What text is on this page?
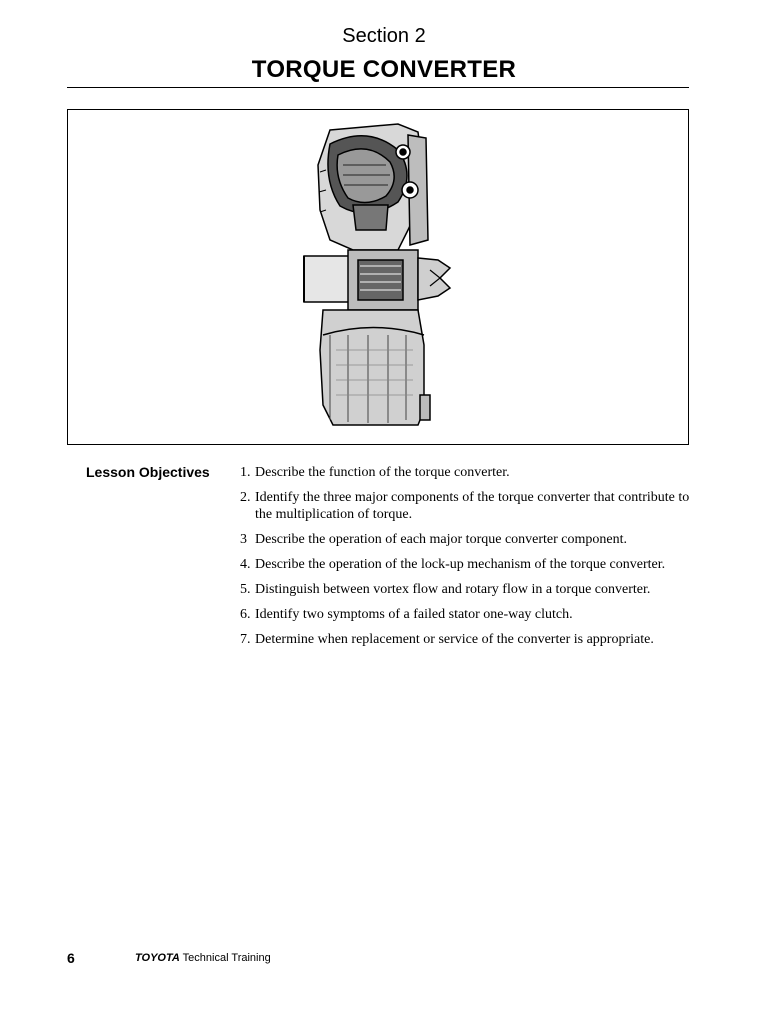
Section 2
TORQUE CONVERTER
Lesson Objectives 1. Describe the function of the torque converter.
2. Identify the three major components of the torque converter that contribute to the multiplication of torque.
3 Describe the operation of each major torque converter component.
4. Describe the operation of the lock-up mechanism of the torque converter.
5. Distinguish between vortex flow and rotary flow in a torque converter.
6. Identify two symptoms of a failed stator one-way clutch.
7. Determine when replacement or service of the converter is appropriate.
6	TOYOTA Technical Training
